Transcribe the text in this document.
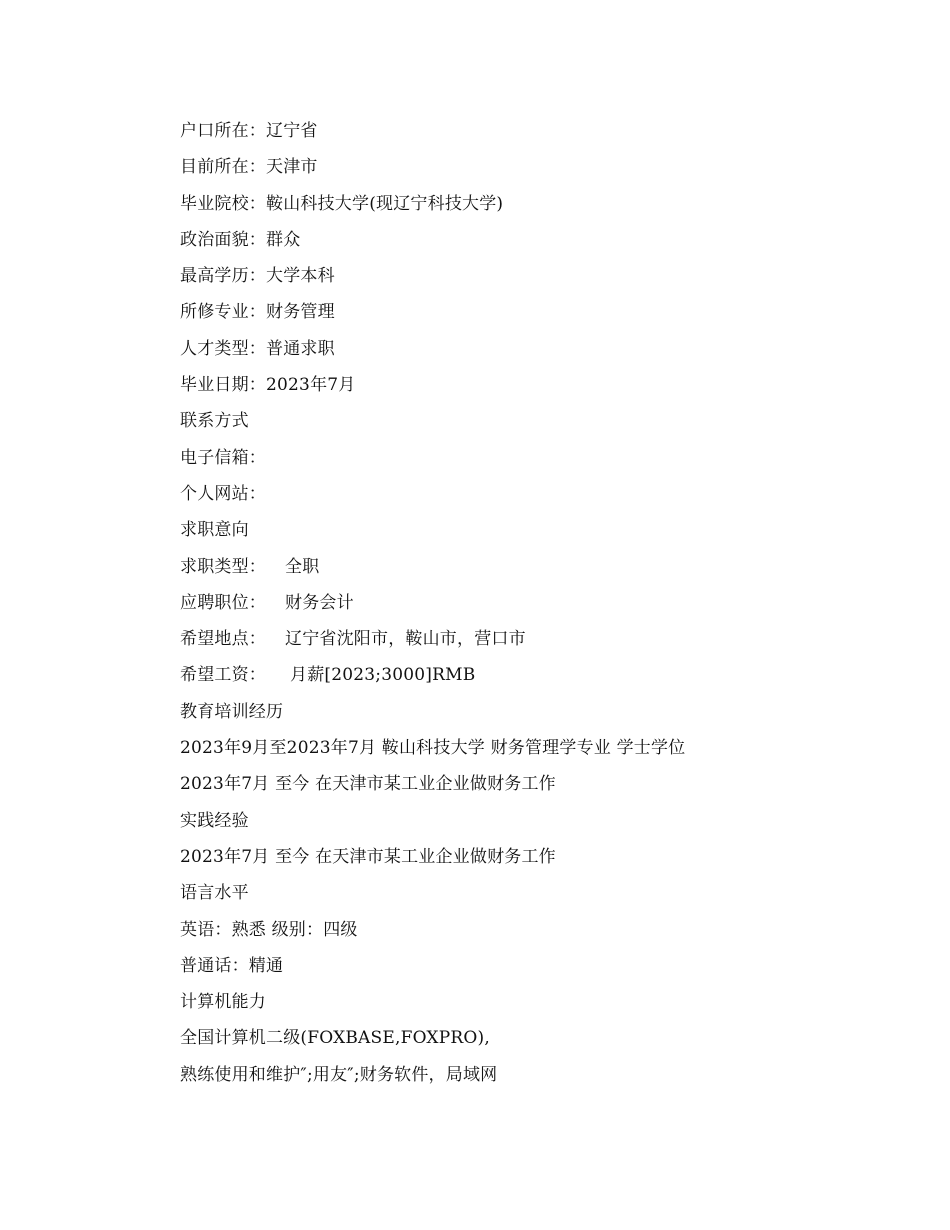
户口所在：辽宁省
目前所在：天津市
毕业院校：鞍山科技大学(现辽宁科技大学)
政治面貌：群众
最高学历：大学本科
所修专业：财务管理
人才类型：普通求职
毕业日期：2023年7月
联系方式
电子信箱：
个人网站：
求职意向
求职类型： 全职
应聘职位： 财务会计
希望地点： 辽宁省沈阳市，鞍山市，营口市
希望工资： 月薪[2023;3000]RMB
教育培训经历
2023年9月至2023年7月 鞍山科技大学 财务管理学专业 学士学位
2023年7月 至今 在天津市某工业企业做财务工作
实践经验
2023年7月 至今 在天津市某工业企业做财务工作
语言水平
英语：熟悉 级别：四级
普通话：精通
计算机能力
全国计算机二级(FOXBASE,FOXPRO),
熟练使用和维护″;用友″;财务软件，局域网
